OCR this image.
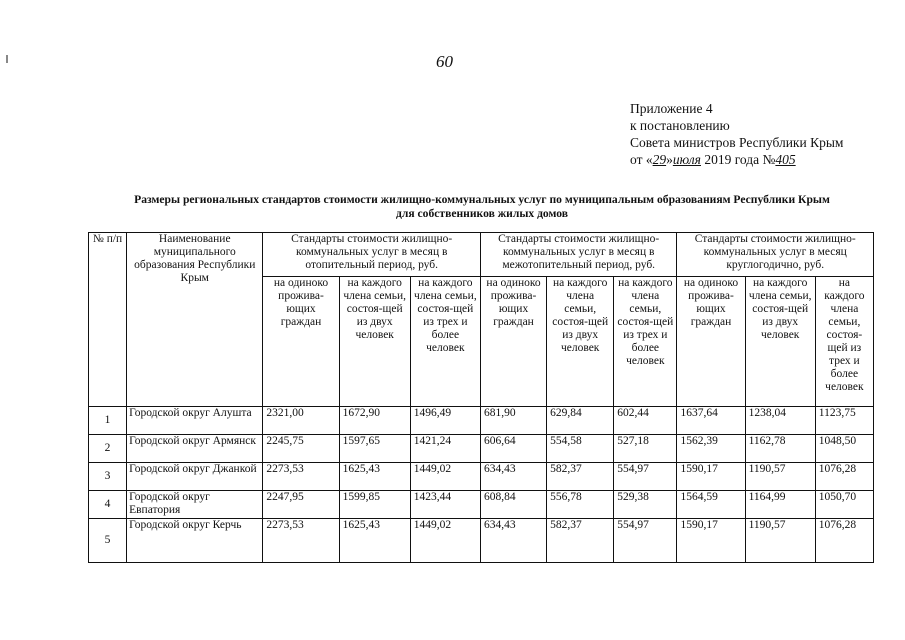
60
Приложение 4
к постановлению
Совета министров Республики Крым
от «29»июля 2019 года №405
Размеры региональных стандартов стоимости жилищно-коммунальных услуг по муниципальным образованиям Республики Крым
для собственников жилых домов
№ п/п	Наименование муниципального образования Республики Крым	Стандарты стоимости жилищно-коммунальных услуг в месяц в отопительный период, руб.			Стандарты стоимости жилищно-коммунальных услуг в месяц в межотопительный период, руб.			Стандарты стоимости жилищно-коммунальных услуг в месяц круглогодично, руб.		
		на одиноко прожива-ющих граждан	на каждого члена семьи, состоя-щей из двух человек	на каждого члена семьи, состоя-щей из трех и более человек	на одиноко прожива-ющих граждан	на каждого члена семьи, состоя-щей из двух человек	на каждого члена семьи, состоя-щей из трех и более человек	на одиноко прожива-ющих граждан	на каждого члена семьи, состоя-щей из двух человек	на каждого члена семьи, состоя-щей из трех и более человек
1	Городской округ Алушта	2321,00	1672,90	1496,49	681,90	629,84	602,44	1637,64	1238,04	1123,75
2	Городской округ Армянск	2245,75	1597,65	1421,24	606,64	554,58	527,18	1562,39	1162,78	1048,50
3	Городской округ Джанкой	2273,53	1625,43	1449,02	634,43	582,37	554,97	1590,17	1190,57	1076,28
4	Городской округ Евпатория	2247,95	1599,85	1423,44	608,84	556,78	529,38	1564,59	1164,99	1050,70
5	Городской округ Керчь	2273,53	1625,43	1449,02	634,43	582,37	554,97	1590,17	1190,57	1076,28
